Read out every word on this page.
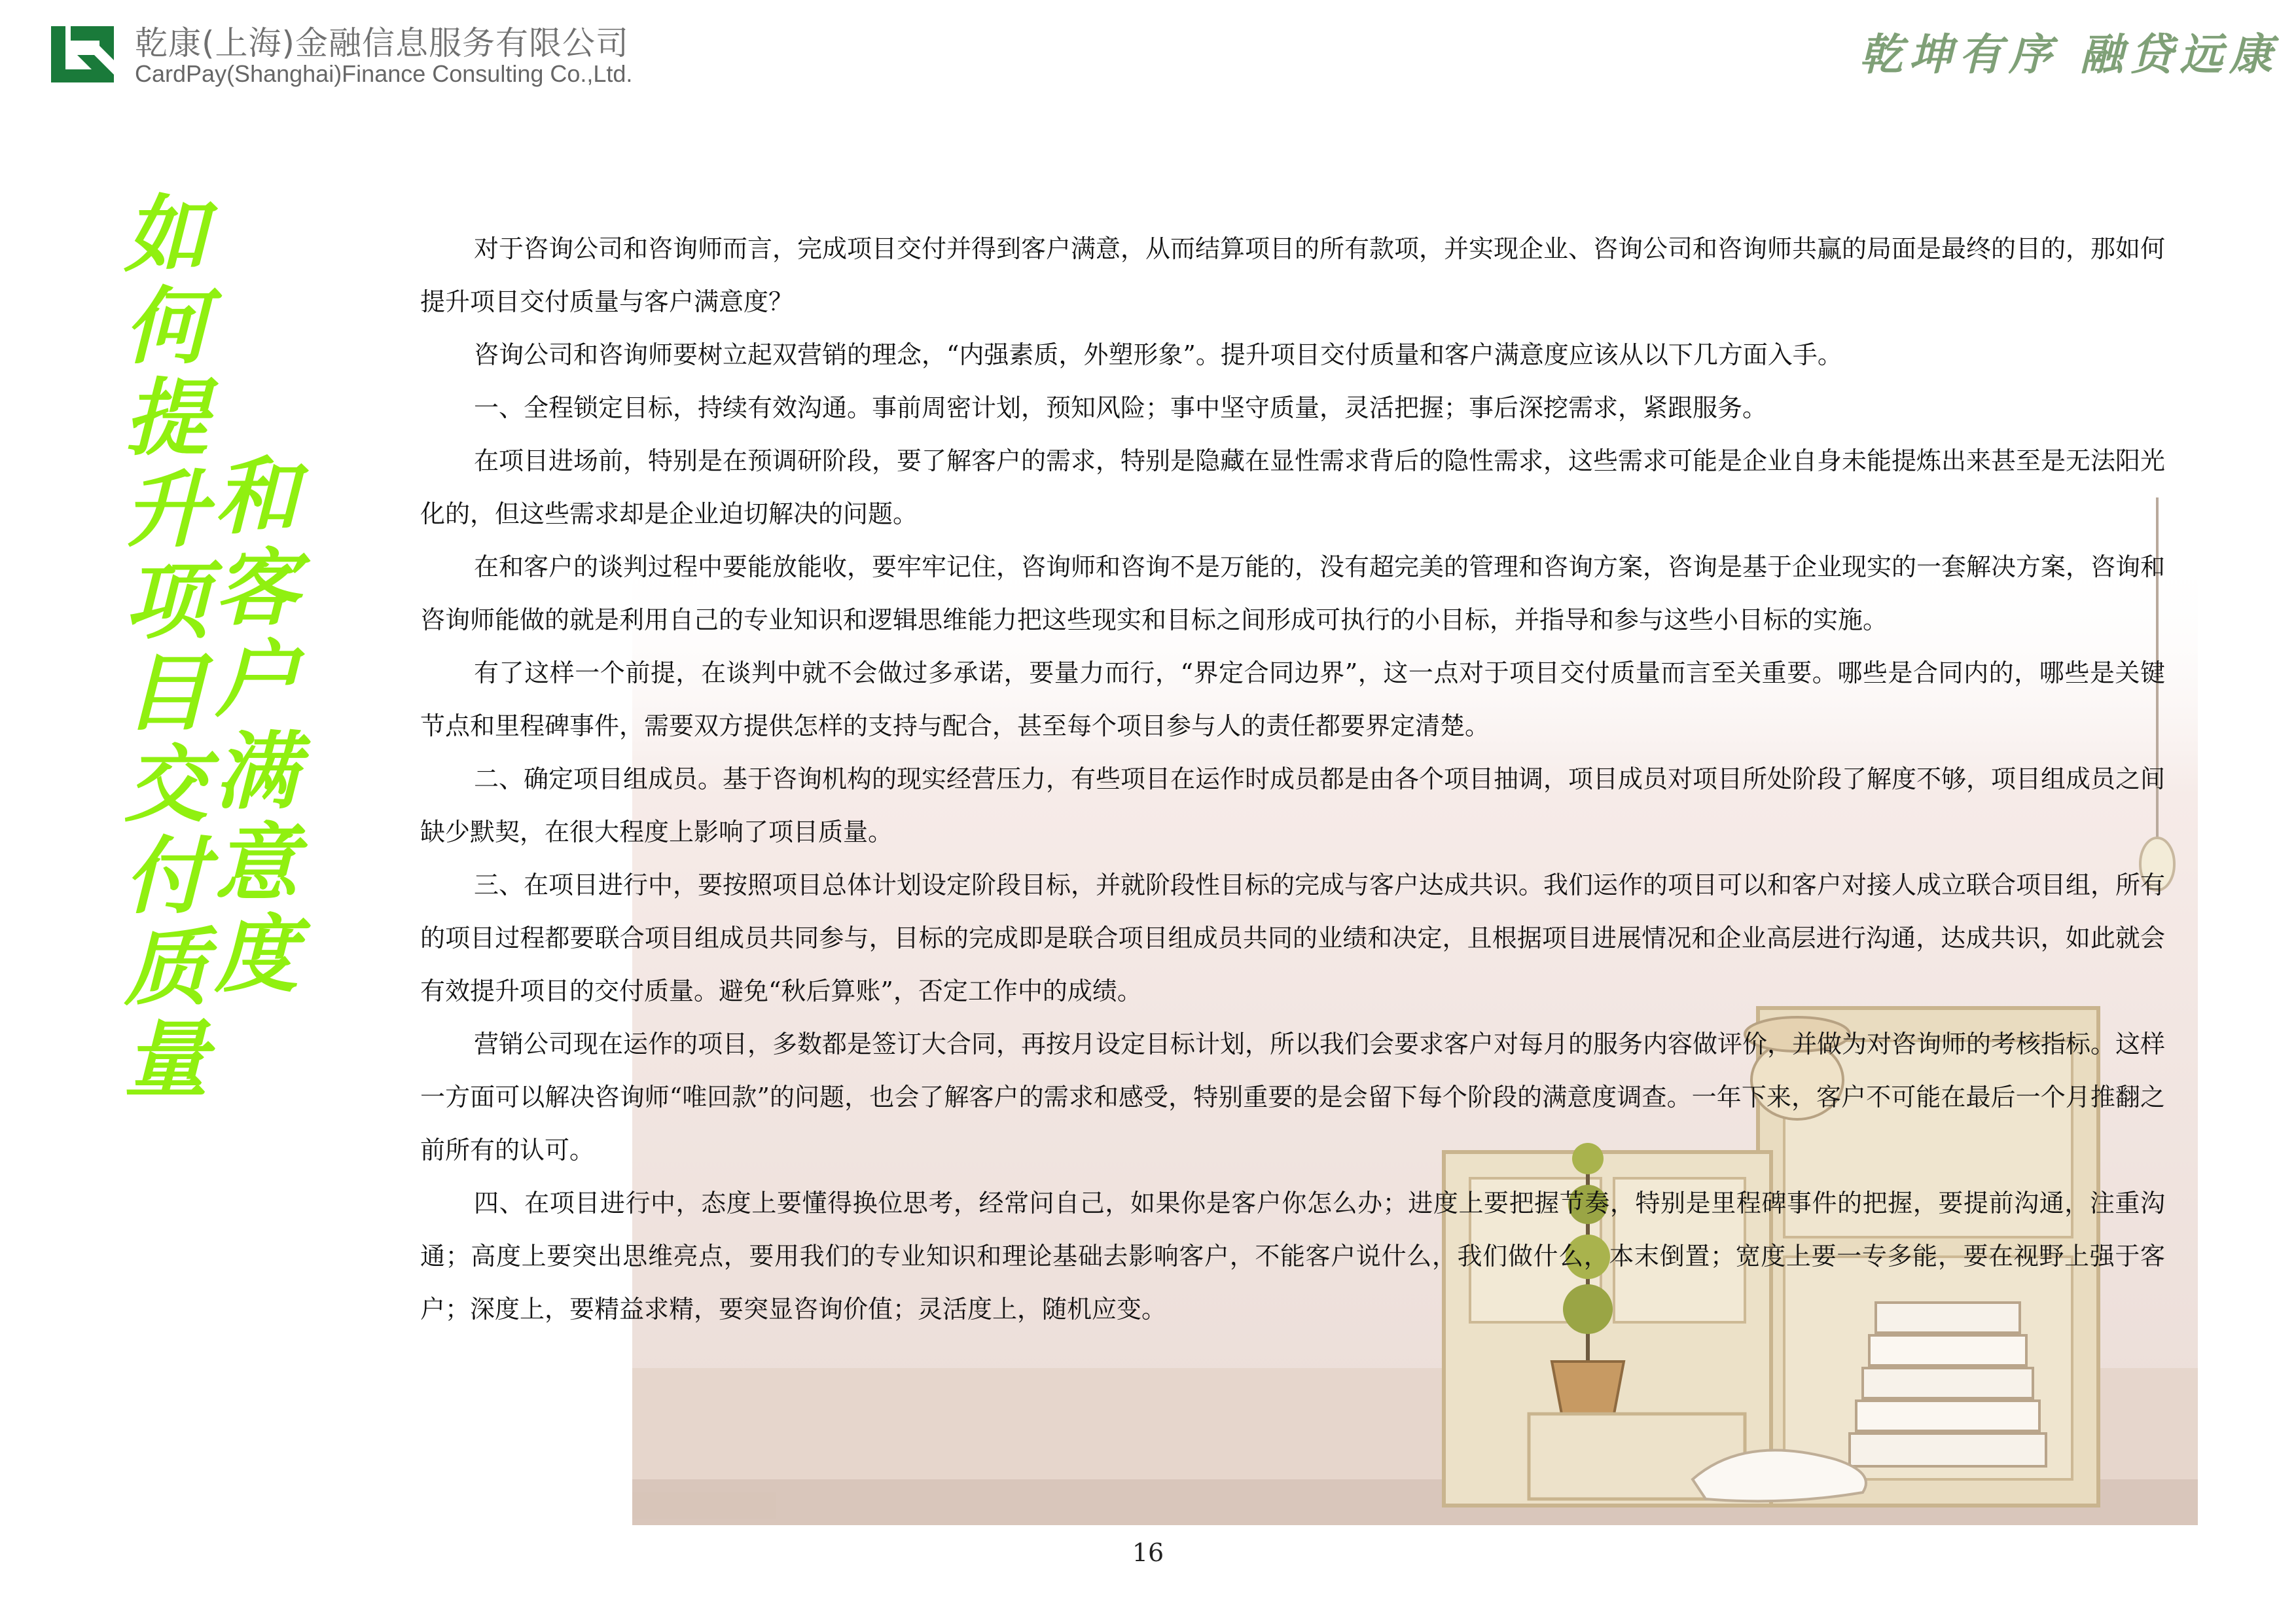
乾康(上海)金融信息服务有限公司
CardPay(Shanghai)Finance Consulting Co.,Ltd.	乾坤有序 融贷远康
如
何
提
升
项
目
交
付
质
量
和
客
户
满
意
度

对于咨询公司和咨询师而言，完成项目交付并得到客户满意，从而结算项目的所有款项，并实现企业、咨询公司和咨询师共赢的局面是最终的目的，那如何提升项目交付质量与客户满意度？

咨询公司和咨询师要树立起双营销的理念，“内强素质，外塑形象”。提升项目交付质量和客户满意度应该从以下几方面入手。

一、全程锁定目标，持续有效沟通。事前周密计划，预知风险；事中坚守质量，灵活把握；事后深挖需求，紧跟服务。

在项目进场前，特别是在预调研阶段，要了解客户的需求，特别是隐藏在显性需求背后的隐性需求，这些需求可能是企业自身未能提炼出来甚至是无法阳光化的，但这些需求却是企业迫切解决的问题。

在和客户的谈判过程中要能放能收，要牢牢记住，咨询师和咨询不是万能的，没有超完美的管理和咨询方案，咨询是基于企业现实的一套解决方案，咨询和咨询师能做的就是利用自己的专业知识和逻辑思维能力把这些现实和目标之间形成可执行的小目标，并指导和参与这些小目标的实施。

有了这样一个前提，在谈判中就不会做过多承诺，要量力而行，“界定合同边界”，这一点对于项目交付质量而言至关重要。哪些是合同内的，哪些是关键节点和里程碑事件，需要双方提供怎样的支持与配合，甚至每个项目参与人的责任都要界定清楚。

二、确定项目组成员。基于咨询机构的现实经营压力，有些项目在运作时成员都是由各个项目抽调，项目成员对项目所处阶段了解度不够，项目组成员之间缺少默契，在很大程度上影响了项目质量。

三、在项目进行中，要按照项目总体计划设定阶段目标，并就阶段性目标的完成与客户达成共识。我们运作的项目可以和客户对接人成立联合项目组，所有的项目过程都要联合项目组成员共同参与，目标的完成即是联合项目组成员共同的业绩和决定，且根据项目进展情况和企业高层进行沟通，达成共识，如此就会有效提升项目的交付质量。避免“秋后算账”，否定工作中的成绩。

营销公司现在运作的项目，多数都是签订大合同，再按月设定目标计划，所以我们会要求客户对每月的服务内容做评价，并做为对咨询师的考核指标。这样一方面可以解决咨询师“唯回款”的问题，也会了解客户的需求和感受，特别重要的是会留下每个阶段的满意度调查。一年下来，客户不可能在最后一个月推翻之前所有的认可。

四、在项目进行中，态度上要懂得换位思考，经常问自己，如果你是客户你怎么办；进度上要把握节奏，特别是里程碑事件的把握，要提前沟通，注重沟通；高度上要突出思维亮点，要用我们的专业知识和理论基础去影响客户，不能客户说什么，我们做什么，本末倒置；宽度上要一专多能，要在视野上强于客户；深度上，要精益求精，要突显咨询价值；灵活度上，随机应变。

16
